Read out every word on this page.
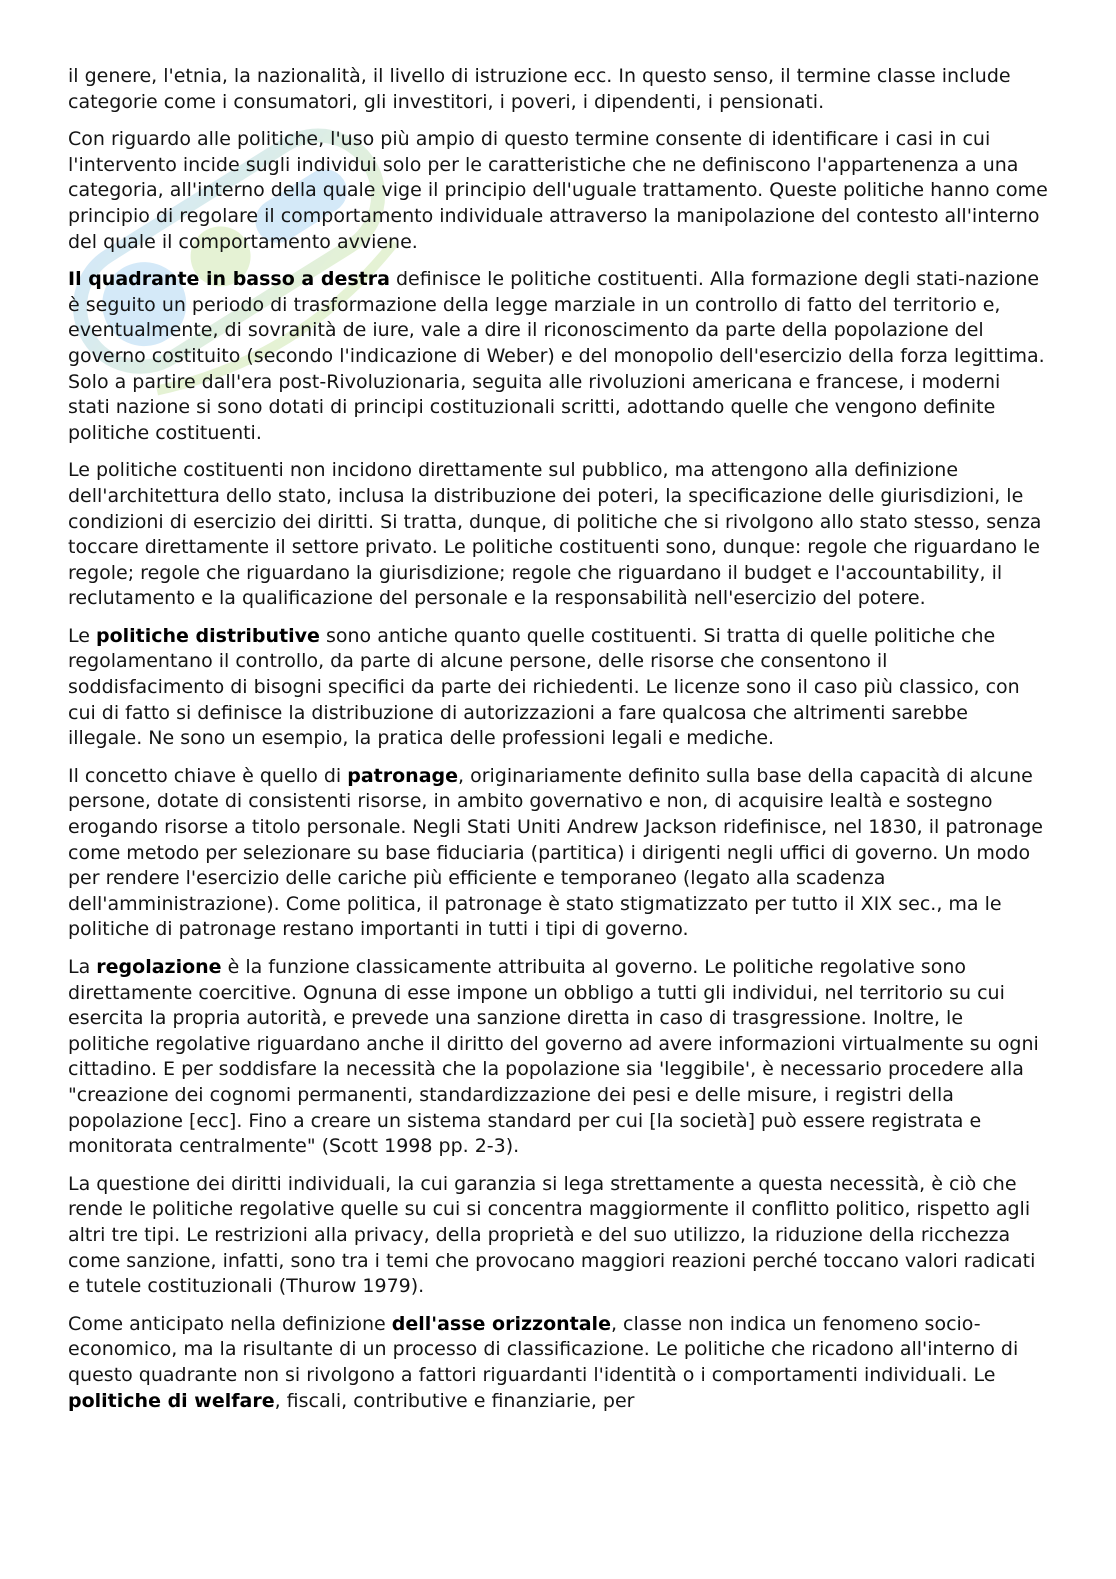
il genere, l'etnia, la nazionalità, il livello di istruzione ecc. In questo senso, il termine classe include categorie come i consumatori, gli investitori, i poveri, i dipendenti, i pensionati.

Con riguardo alle politiche, l'uso più ampio di questo termine consente di identificare i casi in cui l'intervento incide sugli individui solo per le caratteristiche che ne definiscono l'appartenenza a una categoria, all'interno della quale vige il principio dell'uguale trattamento. Queste politiche hanno come principio di regolare il comportamento individuale attraverso la manipolazione del contesto all'interno del quale il comportamento avviene.

Il quadrante in basso a destra definisce le politiche costituenti. Alla formazione degli stati-nazione è seguito un periodo di trasformazione della legge marziale in un controllo di fatto del territorio e, eventualmente, di sovranità de iure, vale a dire il riconoscimento da parte della popolazione del governo costituito (secondo l'indicazione di Weber) e del monopolio dell'esercizio della forza legittima. Solo a partire dall'era post-Rivoluzionaria, seguita alle rivoluzioni americana e francese, i moderni stati nazione si sono dotati di principi costituzionali scritti, adottando quelle che vengono definite politiche costituenti.

Le politiche costituenti non incidono direttamente sul pubblico, ma attengono alla definizione dell'architettura dello stato, inclusa la distribuzione dei poteri, la specificazione delle giurisdizioni, le condizioni di esercizio dei diritti. Si tratta, dunque, di politiche che si rivolgono allo stato stesso, senza toccare direttamente il settore privato. Le politiche costituenti sono, dunque: regole che riguardano le regole; regole che riguardano la giurisdizione; regole che riguardano il budget e l'accountability, il reclutamento e la qualificazione del personale e la responsabilità nell'esercizio del potere.

Le politiche distributive sono antiche quanto quelle costituenti. Si tratta di quelle politiche che regolamentano il controllo, da parte di alcune persone, delle risorse che consentono il soddisfacimento di bisogni specifici da parte dei richiedenti. Le licenze sono il caso più classico, con cui di fatto si definisce la distribuzione di autorizzazioni a fare qualcosa che altrimenti sarebbe illegale. Ne sono un esempio, la pratica delle professioni legali e mediche.

Il concetto chiave è quello di patronage, originariamente definito sulla base della capacità di alcune persone, dotate di consistenti risorse, in ambito governativo e non, di acquisire lealtà e sostegno erogando risorse a titolo personale. Negli Stati Uniti Andrew Jackson ridefinisce, nel 1830, il patronage come metodo per selezionare su base fiduciaria (partitica) i dirigenti negli uffici di governo. Un modo per rendere l'esercizio delle cariche più efficiente e temporaneo (legato alla scadenza dell'amministrazione). Come politica, il patronage è stato stigmatizzato per tutto il XIX sec., ma le politiche di patronage restano importanti in tutti i tipi di governo.

La regolazione è la funzione classicamente attribuita al governo. Le politiche regolative sono direttamente coercitive. Ognuna di esse impone un obbligo a tutti gli individui, nel territorio su cui esercita la propria autorità, e prevede una sanzione diretta in caso di trasgressione. Inoltre, le politiche regolative riguardano anche il diritto del governo ad avere informazioni virtualmente su ogni cittadino. E per soddisfare la necessità che la popolazione sia 'leggibile', è necessario procedere alla "creazione dei cognomi permanenti, standardizzazione dei pesi e delle misure, i registri della popolazione [ecc]. Fino a creare un sistema standard per cui [la società] può essere registrata e monitorata centralmente" (Scott 1998 pp. 2-3).

La questione dei diritti individuali, la cui garanzia si lega strettamente a questa necessità, è ciò che rende le politiche regolative quelle su cui si concentra maggiormente il conflitto politico, rispetto agli altri tre tipi. Le restrizioni alla privacy, della proprietà e del suo utilizzo, la riduzione della ricchezza come sanzione, infatti, sono tra i temi che provocano maggiori reazioni perché toccano valori radicati e tutele costituzionali (Thurow 1979).

Come anticipato nella definizione dell'asse orizzontale, classe non indica un fenomeno socio-economico, ma la risultante di un processo di classificazione. Le politiche che ricadono all'interno di questo quadrante non si rivolgono a fattori riguardanti l'identità o i comportamenti individuali. Le politiche di welfare, fiscali, contributive e finanziarie, per
